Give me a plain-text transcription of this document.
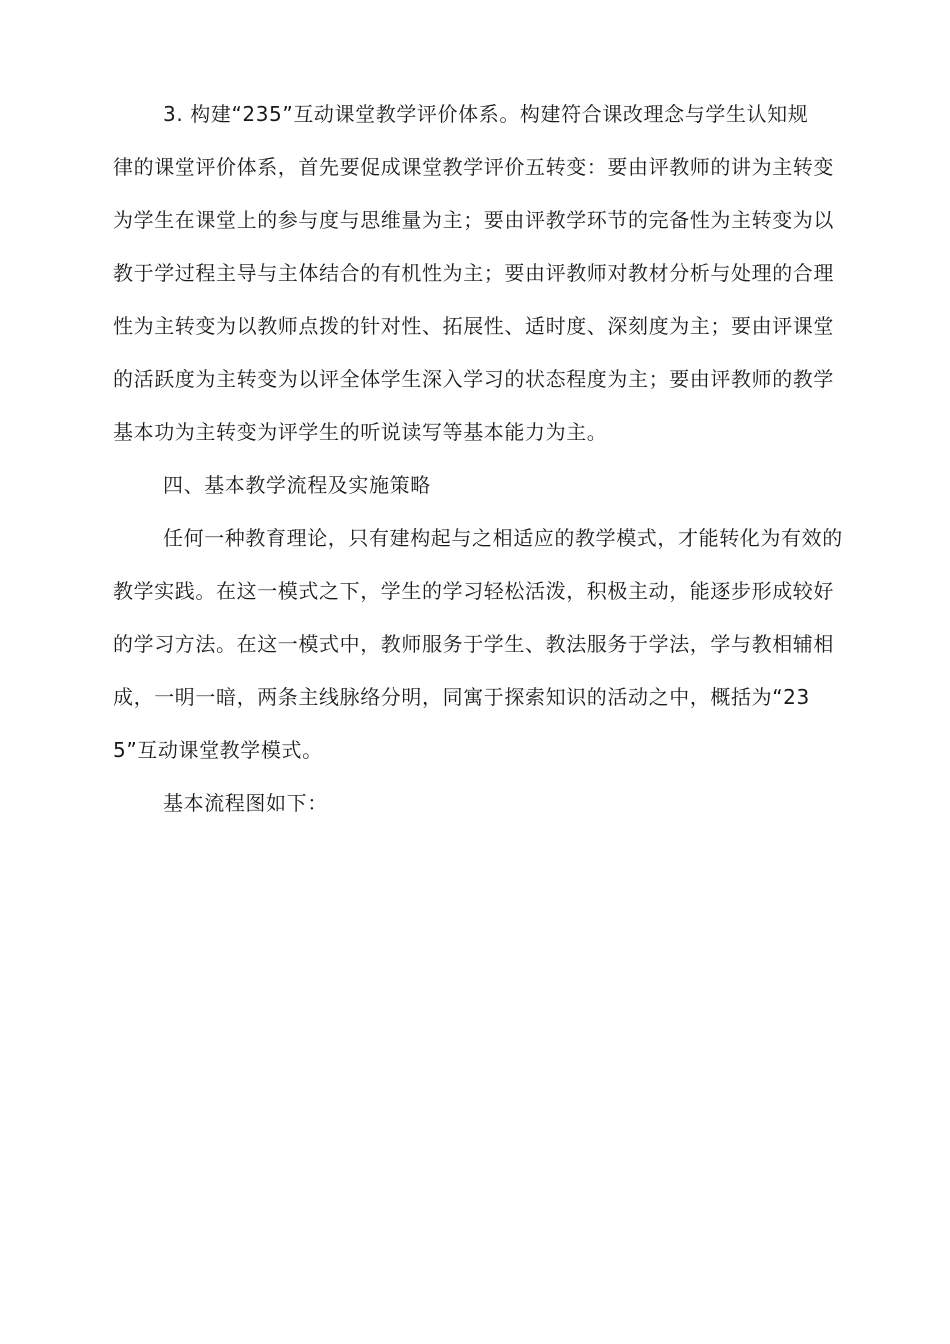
3. 构建“235”互动课堂教学评价体系。构建符合课改理念与学生认知规
律的课堂评价体系，首先要促成课堂教学评价五转变：要由评教师的讲为主转变
为学生在课堂上的参与度与思维量为主；要由评教学环节的完备性为主转变为以
教于学过程主导与主体结合的有机性为主；要由评教师对教材分析与处理的合理
性为主转变为以教师点拨的针对性、拓展性、适时度、深刻度为主；要由评课堂
的活跃度为主转变为以评全体学生深入学习的状态程度为主；要由评教师的教学
基本功为主转变为评学生的听说读写等基本能力为主。
四、基本教学流程及实施策略
任何一种教育理论，只有建构起与之相适应的教学模式，才能转化为有效的
教学实践。在这一模式之下，学生的学习轻松活泼，积极主动，能逐步形成较好
的学习方法。在这一模式中，教师服务于学生、教法服务于学法，学与教相辅相
成，一明一暗，两条主线脉络分明，同寓于探索知识的活动之中，概括为“23
5”互动课堂教学模式。
基本流程图如下：
